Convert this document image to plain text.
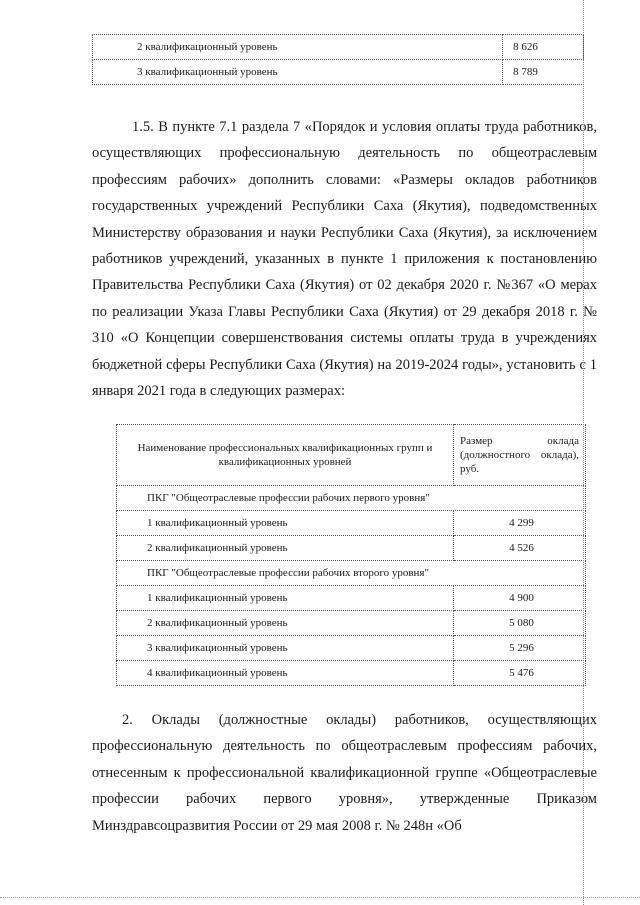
2 квалификационный уровень	8 626
3 квалификационный уровень	8 789
1.5. В пункте 7.1 раздела 7 «Порядок и условия оплаты труда работников, осуществляющих профессиональную деятельность по общеотраслевым профессиям рабочих» дополнить словами: «Размеры окладов работников государственных учреждений Республики Саха (Якутия), подведомственных Министерству образования и науки Республики Саха (Якутия), за исключением работников учреждений, указанных в пункте 1 приложения к постановлению Правительства Республики Саха (Якутия) от 02 декабря 2020 г. №367 «О мерах по реализации Указа Главы Республики Саха (Якутия) от 29 декабря 2018 г. № 310 «О Концепции совершенствования системы оплаты труда в учреждениях бюджетной сферы Республики Саха (Якутия) на 2019-2024 годы», установить с 1 января 2021 года в следующих размерах:
Наименование профессиональных квалификационных групп и квалификационных уровней	Размер оклада (должностного оклада), руб.
ПКГ "Общеотраслевые профессии рабочих первого уровня"	
1 квалификационный уровень	4 299
2 квалификационный уровень	4 526
ПКГ "Общеотраслевые профессии рабочих второго уровня"	
1 квалификационный уровень	4 900
2 квалификационный уровень	5 080
3 квалификационный уровень	5 296
4 квалификационный уровень	5 476
2. Оклады (должностные оклады) работников, осуществляющих профессиональную деятельность по общеотраслевым профессиям рабочих, отнесенным к профессиональной квалификационной группе «Общеотраслевые профессии рабочих первого уровня», утвержденные Приказом Минздравсоцразвития России от 29 мая 2008 г. № 248н «Об
